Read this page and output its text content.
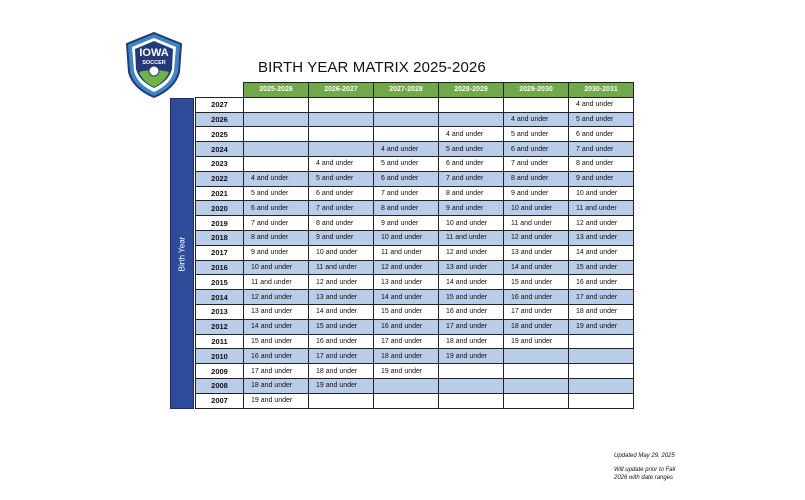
IOWA
SOCCER	BIRTH YEAR MATRIX 2025-2026
Birth Year
	2025-2026	2026-2027	2027-2028	2028-2029	2029-2030	2030-2031
2027						4 and under
2026					4 and under	5 and under
2025				4 and under	5 and under	6 and under
2024			4 and under	5 and under	6 and under	7 and under
2023		4 and under	5 and under	6 and under	7 and under	8 and under
2022	4 and under	5 and under	6 and under	7 and under	8 and under	9 and under
2021	5 and under	6 and under	7 and under	8 and under	9 and under	10 and under
2020	6 and under	7 and under	8 and under	9 and under	10 and under	11 and under
2019	7 and under	8 and under	9 and under	10 and under	11 and under	12 and under
2018	8 and under	9 and under	10 and under	11 and under	12 and under	13 and under
2017	9 and under	10 and under	11 and under	12 and under	13 and under	14 and under
2016	10 and under	11 and under	12 and under	13 and under	14 and under	15 and under
2015	11 and under	12 and under	13 and under	14 and under	15 and under	16 and under
2014	12 and under	13 and under	14 and under	15 and under	16 and under	17 and under
2013	13 and under	14 and under	15 and under	16 and under	17 and under	18 and under
2012	14 and under	15 and under	16 and under	17 and under	18 and under	19 and under
2011	15 and under	16 and under	17 and under	18 and under	19 and under	
2010	16 and under	17 and under	18 and under	19 and under		
2009	17 and under	18 and under	19 and under			
2008	18 and under	19 and under				
2007	19 and under					
Updated May 29, 2025
Will update prior to Fall
2026 with date ranges
